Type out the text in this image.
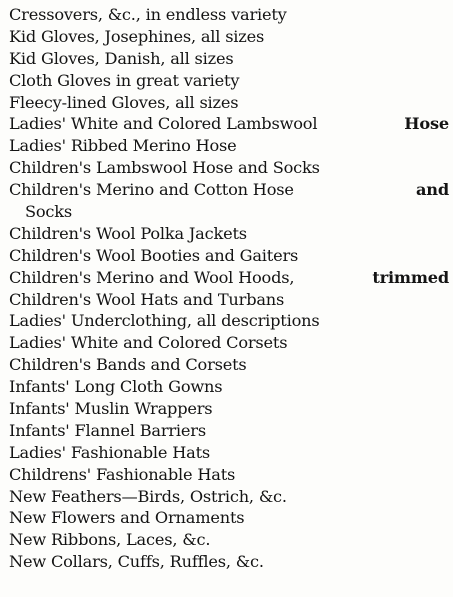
Cressovers, &c., in endless variety
Kid Gloves, Josephines, all sizes
Kid Gloves, Danish, all sizes
Cloth Gloves in great variety
Fleecy-lined Gloves, all sizes
Ladies' White and Colored Lambswool	Hose
Ladies' Ribbed Merino Hose
Children's Lambswool Hose and Socks
Children's Merino and Cotton Hose	and
Socks
Children's Wool Polka Jackets
Children's Wool Booties and Gaiters
Children's Merino and Wool Hoods,	trimmed
Children's Wool Hats and Turbans
Ladies' Underclothing, all descriptions
Ladies' White and Colored Corsets
Children's Bands and Corsets
Infants' Long Cloth Gowns
Infants' Muslin Wrappers
Infants' Flannel Barriers
Ladies' Fashionable Hats
Childrens' Fashionable Hats
New Feathers—Birds, Ostrich, &c.
New Flowers and Ornaments
New Ribbons, Laces, &c.
New Collars, Cuffs, Ruffles, &c.
